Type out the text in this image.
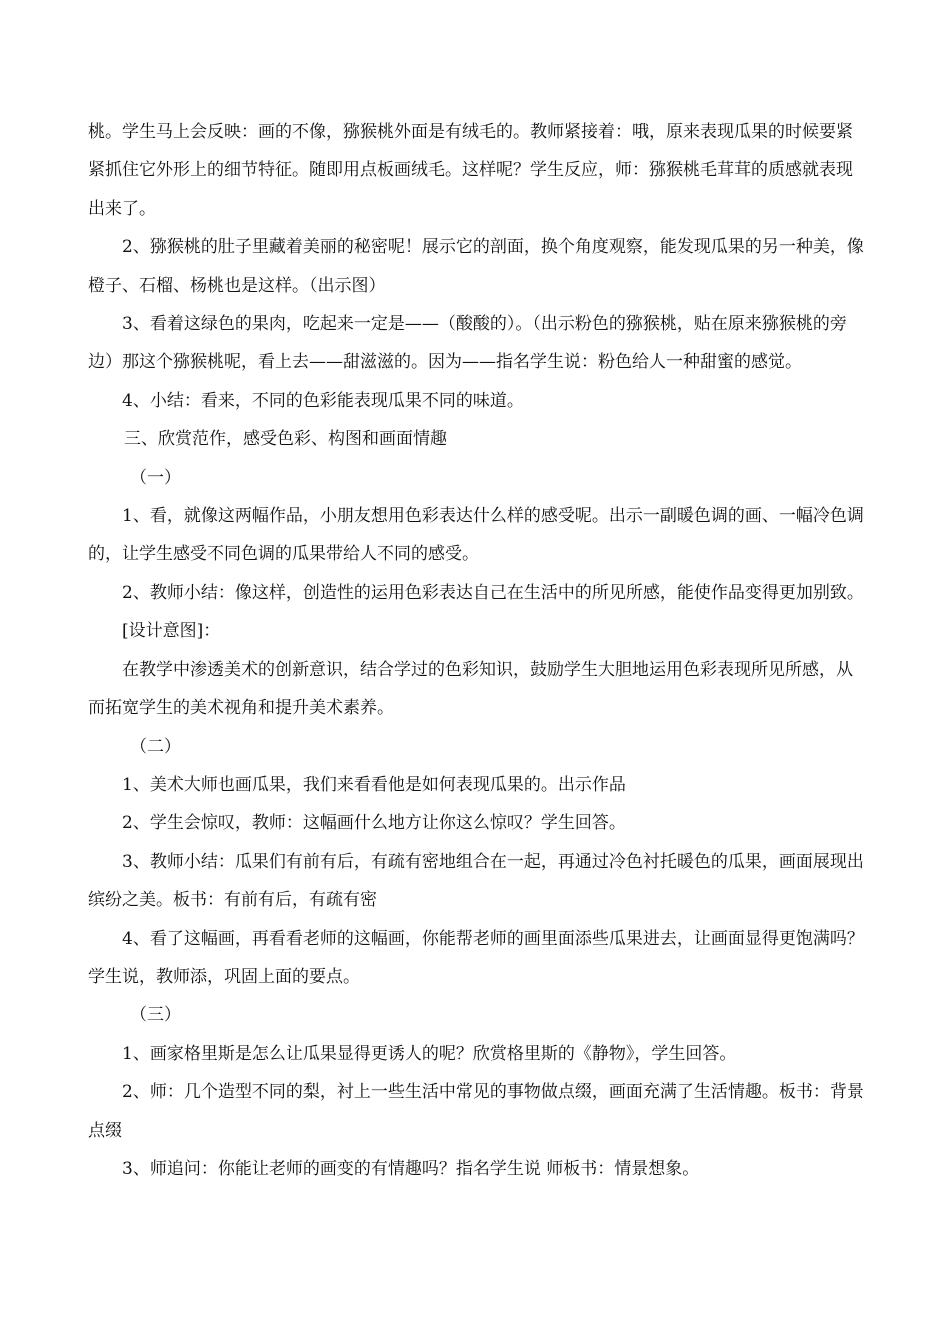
桃。学生马上会反映：画的不像，猕猴桃外面是有绒毛的。教师紧接着：哦，原来表现瓜果的时候要紧紧抓住它外形上的细节特征。随即用点板画绒毛。这样呢？学生反应，师：猕猴桃毛茸茸的质感就表现出来了。

2、猕猴桃的肚子里藏着美丽的秘密呢！展示它的剖面，换个角度观察，能发现瓜果的另一种美，像橙子、石榴、杨桃也是这样。（出示图）

3、看着这绿色的果肉，吃起来一定是——（酸酸的）。（出示粉色的猕猴桃，贴在原来猕猴桃的旁边）那这个猕猴桃呢，看上去——甜滋滋的。因为——指名学生说：粉色给人一种甜蜜的感觉。

4、小结：看来，不同的色彩能表现瓜果不同的味道。

三、欣赏范作，感受色彩、构图和画面情趣

（一）

1、看，就像这两幅作品，小朋友想用色彩表达什么样的感受呢。出示一副暖色调的画、一幅冷色调的，让学生感受不同色调的瓜果带给人不同的感受。

2、教师小结：像这样，创造性的运用色彩表达自己在生活中的所见所感，能使作品变得更加别致。

[设计意图]：

在教学中渗透美术的创新意识，结合学过的色彩知识，鼓励学生大胆地运用色彩表现所见所感，从而拓宽学生的美术视角和提升美术素养。

（二）

1、美术大师也画瓜果，我们来看看他是如何表现瓜果的。出示作品

2、学生会惊叹，教师：这幅画什么地方让你这么惊叹？学生回答。

3、教师小结：瓜果们有前有后，有疏有密地组合在一起，再通过冷色衬托暖色的瓜果，画面展现出缤纷之美。板书：有前有后，有疏有密

4、看了这幅画，再看看老师的这幅画，你能帮老师的画里面添些瓜果进去，让画面显得更饱满吗？学生说，教师添，巩固上面的要点。

（三）

1、画家格里斯是怎么让瓜果显得更诱人的呢？欣赏格里斯的《静物》，学生回答。

2、师：几个造型不同的梨，衬上一些生活中常见的事物做点缀，画面充满了生活情趣。板书：背景点缀

3、师追问：你能让老师的画变的有情趣吗？指名学生说 师板书：情景想象。
